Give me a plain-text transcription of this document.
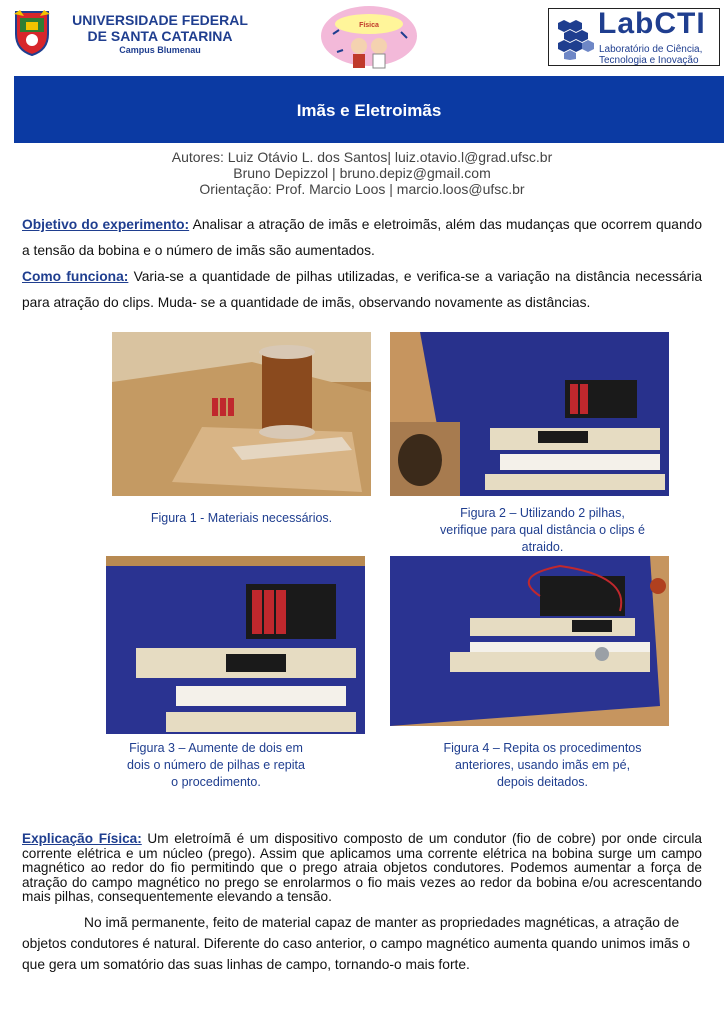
UNIVERSIDADE FEDERAL
DE SANTA CATARINA
Campus Blumenau
Física	LabCTI
Laboratório de Ciência,
Tecnologia e Inovação
Imãs e Eletroimãs
Autores: Luiz Otávio L. dos Santos| luiz.otavio.l@grad.ufsc.br
Bruno Depizzol | bruno.depiz@gmail.com
Orientação: Prof. Marcio Loos | marcio.loos@ufsc.br
Objetivo do experimento: Analisar a atração de imãs e eletroimãs, além das mudanças que ocorrem quando a tensão da bobina e o número de imãs são aumentados.
Como funciona: Varia-se a quantidade de pilhas utilizadas, e verifica-se a variação na distância necessária para atração do clips. Muda- se a quantidade de imãs, observando novamente as distâncias.
Figura 1 - Materiais necessários.	Figura 2 – Utilizando 2 pilhas, verifique para qual distância o clips é atraido.
Figura 3 – Aumente de dois em dois o número de pilhas e repita o procedimento.
Figura 4 – Repita os procedimentos anteriores, usando imãs em pé, depois deitados.
Explicação Física: Um eletroímã é um dispositivo composto de um condutor (fio de cobre) por onde circula corrente elétrica e um núcleo (prego). Assim que aplicamos uma corrente elétrica na bobina surge um campo magnético ao redor do fio permitindo que o prego atraia objetos condutores. Podemos aumentar a força de atração do campo magnético no prego se enrolarmos o fio mais vezes ao redor da bobina e/ou acrescentando mais pilhas, consequentemente elevando a tensão.
No imã permanente, feito de material capaz de manter as propriedades magnéticas, a atração de objetos condutores é natural. Diferente do caso anterior, o campo magnético aumenta quando unimos imãs o que gera um somatório das suas linhas de campo, tornando-o mais forte.
